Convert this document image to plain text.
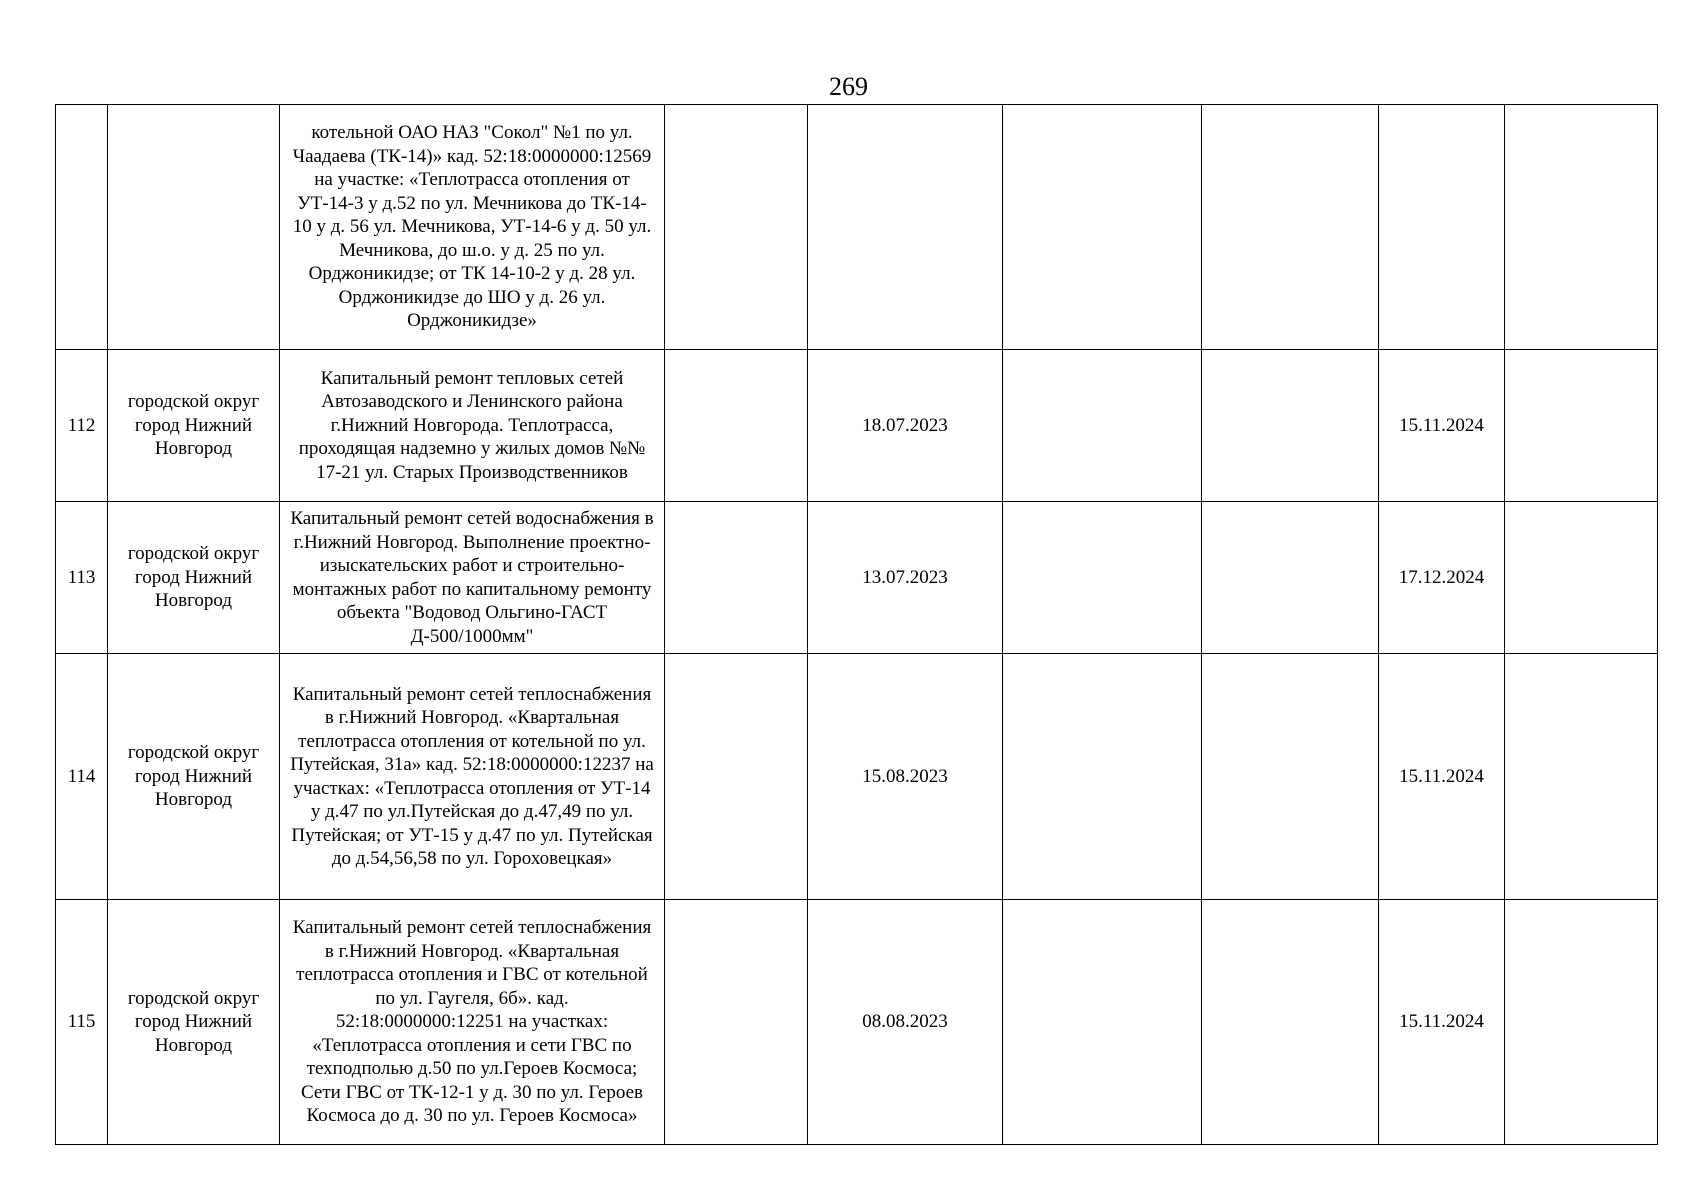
269
		котельной ОАО НАЗ "Сокол" №1 по ул. Чаадаева (ТК-14)» кад. 52:18:0000000:12569 на участке: «Теплотрасса отопления от УТ-14-3 у д.52 по ул. Мечникова до ТК-14-10 у д. 56 ул. Мечникова, УТ-14-6 у д. 50 ул. Мечникова, до ш.о. у д. 25 по ул. Орджоникидзе; от ТК 14-10-2 у д. 28 ул. Орджоникидзе до ШО у д. 26 ул. Орджоникидзе»						
112	городской округ город Нижний Новгород	Капитальный ремонт тепловых сетей Автозаводского и Ленинского района г.Нижний Новгорода. Теплотрасса, проходящая надземно у жилых домов №№ 17-21 ул. Старых Производственников		18.07.2023			15.11.2024	
113	городской округ город Нижний Новгород	Капитальный ремонт сетей водоснабжения в г.Нижний Новгород. Выполнение проектно-изыскательских работ и строительно-монтажных работ по капитальному ремонту объекта "Водовод Ольгино-ГАСТ Д-500/1000мм"		13.07.2023			17.12.2024	
114	городской округ город Нижний Новгород	Капитальный ремонт сетей теплоснабжения в г.Нижний Новгород. «Квартальная теплотрасса отопления от котельной по ул. Путейская, 31а» кад. 52:18:0000000:12237 на участках: «Теплотрасса отопления от УТ-14 у д.47 по ул.Путейская до д.47,49 по ул. Путейская; от УТ-15 у д.47 по ул. Путейская до д.54,56,58 по ул. Гороховецкая»		15.08.2023			15.11.2024	
115	городской округ город Нижний Новгород	Капитальный ремонт сетей теплоснабжения в г.Нижний Новгород. «Квартальная теплотрасса отопления и ГВС от котельной по ул. Гаугеля, 6б». кад. 52:18:0000000:12251 на участках: «Теплотрасса отопления и сети ГВС по техподполью д.50 по ул.Героев Космоса; Сети ГВС от ТК-12-1 у д. 30 по ул. Героев Космоса до д. 30 по ул. Героев Космоса»		08.08.2023			15.11.2024	
